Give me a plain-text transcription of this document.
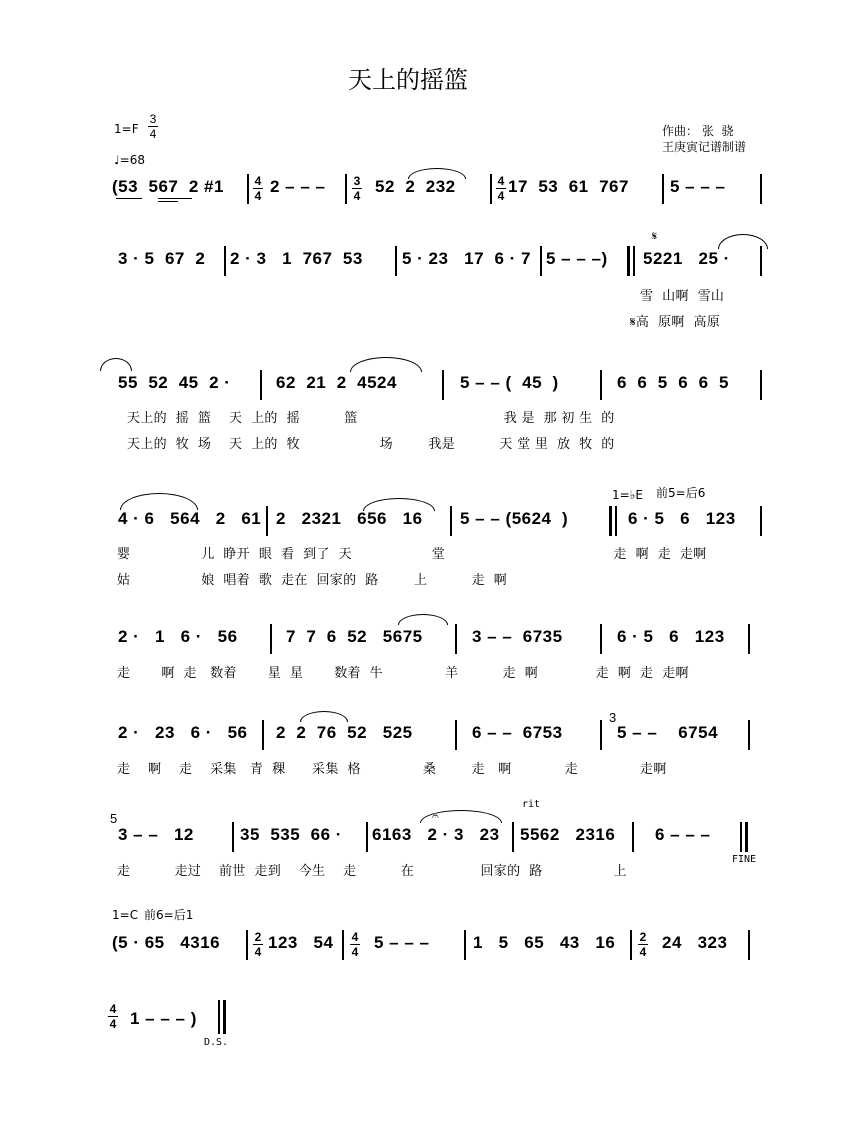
天上的摇篮
1=F
3
4
♩=68
作曲： 张  骁
王庚寅记谱制谱
(53  567  2 #1	4
4 2 – – – 3
4 52  2  232	4
4 17  53  61  767 5 – – –
3 · 5  67  2 2 · 3   1  767  53 5 · 23   17  6 · 7 5 – – –)
𝄋
5221   25 ·
雪  山啊  雪山
𝄋高  原啊  高原
55  52  45  2 ·	62  21  2  4524	5 – – (  45  )	6  6  5  6  6  5
天上的  摇  篮    天  上的  摇          篮                                 我 是  那 初 生  的
天上的  牧  场    天  上的  牧                  场        我是          天 堂 里  放  牧  的
1=♭E 前5=后6
4 · 6   564   2   61 2   2321   656   16 5 – – (5624  )	6 · 5   6   123
婴                儿  睁开  眼  看  到了  天                  堂                                      走  啊  走  走啊
姑                娘  唱着  歌  走在  回家的  路        上          走  啊
2 ·   1   6 ·   56	7  7  6  52   5675	3 – –  6735	6 · 5   6   123
走       啊  走   数着       星  星       数着  牛              羊          走  啊             走  啊  走  走啊
3
2 ·   23   6 ·   56 2  2  76  52   525	6 – –  6753	5 – –    6754
走    啊    走    采集   青  稞      采集  格              桑        走   啊            走              走啊
5
rit
𝄐
3 – –   12	35  535  66 · 6163   2 · 3   23 5562   2316 6 – – –
FINE
走          走过    前世  走到    今生    走          在               回家的  路                上
1=C 前6=后1
(5 · 65   4316	2
4 123   54 4
4 5 – – –	1   5   65   43   16 2
4 24   323
4
4 1 – – – )
D.S.
